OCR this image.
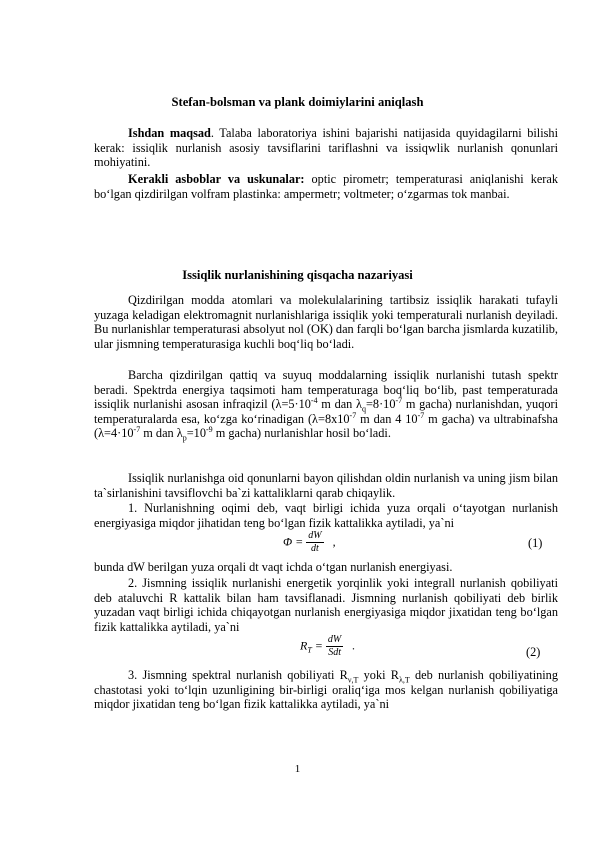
Stefan-bolsman va plank doimiylarini aniqlash

Ishdan maqsad. Talaba laboratoriya ishini bajarishi natijasida quyidagilarni bilishi kerak: issiqlik nurlanish asosiy tavsiflarini tariflashni va issiqwlik nurlanish qonunlari mohiyatini.

Kerakli asboblar va uskunalar: optic pirometr; temperaturasi aniqlanishi kerak bo‘lgan qizdirilgan volfram plastinka: ampermetr; voltmeter; o‘zgarmas tok manbai.

Issiqlik nurlanishining qisqacha nazariyasi

Qizdirilgan modda atomlari va molekulalarining tartibsiz issiqlik harakati tufayli yuzaga keladigan elektromagnit nurlanishlariga issiqlik yoki temperaturali nurlanish deyiladi. Bu nurlanishlar temperaturasi absolyut nol (OK) dan farqli bo‘lgan barcha jismlarda kuzatilib, ular jismning temperaturasiga kuchli boq‘liq bo‘ladi.

Barcha qizdirilgan qattiq va suyuq moddalarning issiqlik nurlanishi tutash spektr beradi. Spektrda energiya taqsimoti ham temperaturaga boq‘liq bo‘lib, past temperaturada issiqlik nurlanishi asosan infraqizil ($\lambda=5\cdot 10^{-4}$ m dan $\lambda_q=8\cdot 10^{-7}$ m gacha) nurlanishdan, yuqori temperaturalarda esa, ko‘zga ko‘rinadigan ($\lambda=8x10^{-7}$ m dan 4 $10^{-7}$ m gacha) va ultrabinafsha ($\lambda=4\cdot 10^{-7}$ m dan $\lambda_p=10^{-9}$ m gacha) nurlanishlar hosil bo‘ladi.

Issiqlik nurlanishga oid qonunlarni bayon qilishdan oldin nurlanish va uning jism bilan ta`sirlanishini tavsiflovchi ba`zi kattaliklarni qarab chiqaylik.

1. Nurlanishning oqimi deb, vaqt birligi ichida yuza orqali o‘tayotgan nurlanish energiyasiga miqdor jihatidan teng bo‘lgan fizik kattalikka aytiladi, ya`ni

$\Phi = \frac{dW}{dt}$ ,	(1)

bunda dW berilgan yuza orqali dt vaqt ichda o‘tgan nurlanish energiyasi.

2. Jismning issiqlik nurlanishi energetik yorqinlik yoki integrall nurlanish qobiliyati deb ataluvchi R kattalik bilan ham tavsiflanadi. Jismning nurlanish qobiliyati deb birlik yuzadan vaqt birligi ichida chiqayotgan nurlanish energiyasiga miqdor jixatidan teng bo‘lgan fizik kattalikka aytiladi, ya`ni

$R_T = \frac{dW}{\text{Sdt}}$ .	(2)

3. Jismning spektral nurlanish qobiliyati $R_{\nu,T}$ yoki $R_{\lambda,T}$ deb nurlanish qobiliyatining chastotasi yoki to‘lqin uzunligining bir-birligi oraliq‘iga mos kelgan nurlanish qobiliyatiga miqdor jixatidan teng bo‘lgan fizik kattalikka aytiladi, ya`ni

1
